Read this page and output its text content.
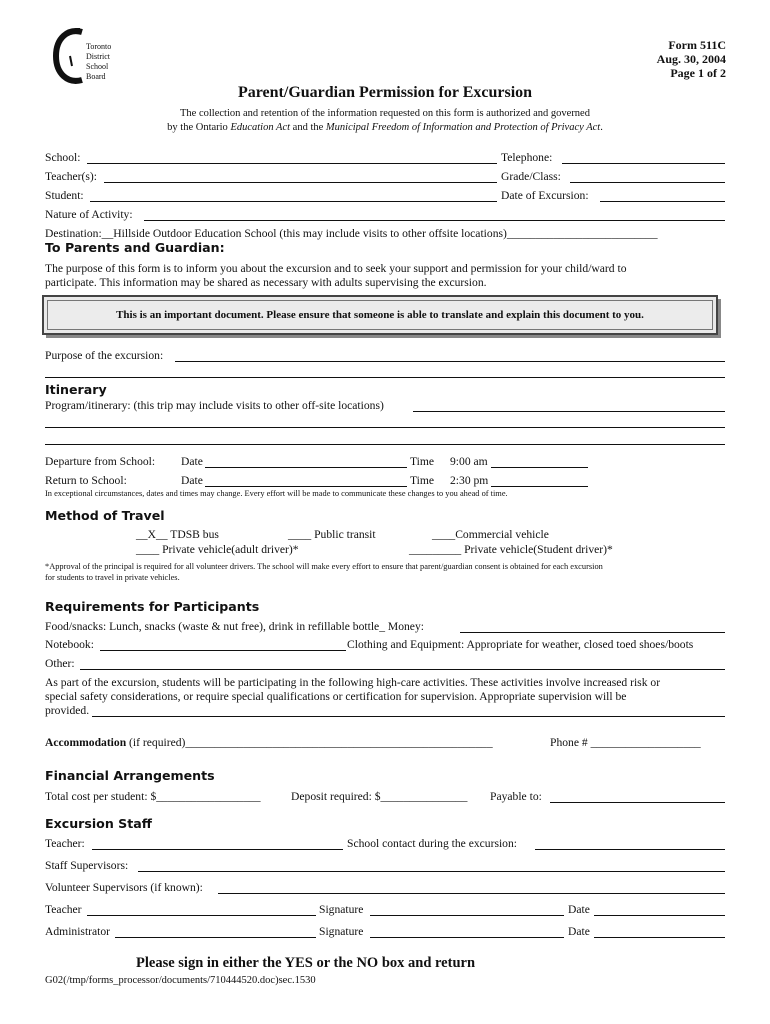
Toronto
District
School
Board
Form 511C
Aug. 30, 2004
Page 1 of 2
Parent/Guardian Permission for Excursion
The collection and retention of the information requested on this form is authorized and governed
by the Ontario Education Act and the Municipal Freedom of Information and Protection of Privacy Act.
School:	Telephone:
Teacher(s):	Grade/Class:
Student:	Date of Excursion:
Nature of Activity:
Destination:__Hillside Outdoor Education School (this may include visits to other offsite locations)__________________________
To Parents and Guardian:
The purpose of this form is to inform you about the excursion and to seek your support and permission for your child/ward to
participate. This information may be shared as necessary with adults supervising the excursion.
This is an important document. Please ensure that someone is able to translate and explain this document to you.
Purpose of the excursion:
Itinerary
Program/itinerary: (this trip may include visits to other off-site locations)
Departure from School: Date	Time 9:00 am
Return to School:	Date	Time 2:30 pm
In exceptional circumstances, dates and times may change. Every effort will be made to communicate these changes to you ahead of time.
Method of Travel
__X__ TDSB bus	____ Public transit	____Commercial vehicle
____ Private vehicle(adult driver)*	_________ Private vehicle(Student driver)*
*Approval of the principal is required for all volunteer drivers. The school will make every effort to ensure that parent/guardian consent is obtained for each excursion
for students to travel in private vehicles.
Requirements for Participants
Food/snacks: Lunch, snacks (waste & nut free), drink in refillable bottle_ Money:
Notebook:	Clothing and Equipment: Appropriate for weather, closed toed shoes/boots
Other:
As part of the excursion, students will be participating in the following high-care activities. These activities involve increased risk or
special safety considerations, or require special qualifications or certification for supervision. Appropriate supervision will be
provided.
Accommodation (if required)_____________________________________________________	Phone # ___________________
Financial Arrangements
Total cost per student: $__________________	Deposit required: $_______________ Payable to:
Excursion Staff
Teacher:	School contact during the excursion:
Staff Supervisors:
Volunteer Supervisors (if known):
Teacher	Signature	Date
Administrator	Signature	Date
Please sign in either the YES or the NO box and return
G02(/tmp/forms_processor/documents/710444520.doc)sec.1530
